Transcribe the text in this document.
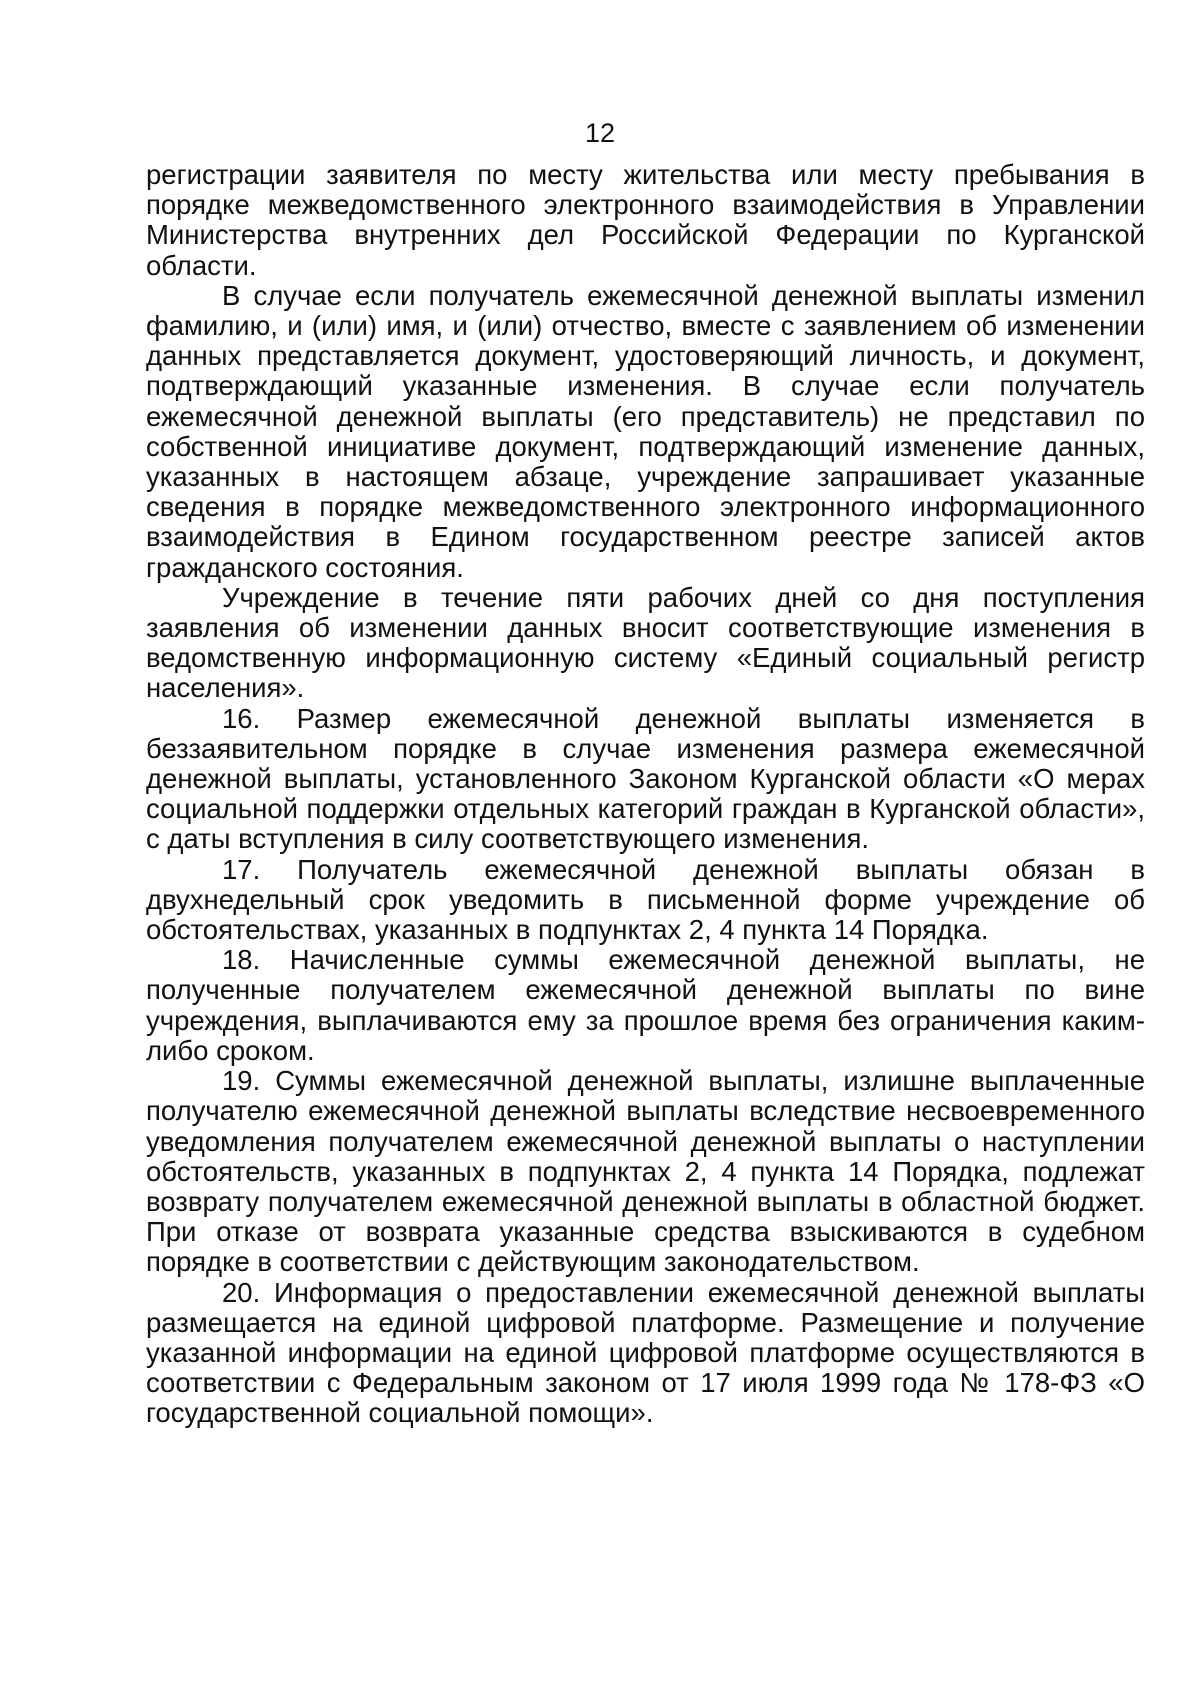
12

регистрации заявителя по месту жительства или месту пребывания в порядке межведомственного электронного взаимодействия в Управлении Министерства внутренних дел Российской Федерации по Курганской области.

В случае если получатель ежемесячной денежной выплаты изменил фамилию, и (или) имя, и (или) отчество, вместе с заявлением об изменении данных представляется документ, удостоверяющий личность, и документ, подтверждающий указанные изменения. В случае если получатель ежемесячной денежной выплаты (его представитель) не представил по собственной инициативе документ, подтверждающий изменение данных, указанных в настоящем абзаце, учреждение запрашивает указанные сведения в порядке межведомственного электронного информационного взаимодействия в Едином государственном реестре записей актов гражданского состояния.

Учреждение в течение пяти рабочих дней со дня поступления заявления об изменении данных вносит соответствующие изменения в ведомственную информационную систему «Единый социальный регистр населения».

16. Размер ежемесячной денежной выплаты изменяется в беззаявительном порядке в случае изменения размера ежемесячной денежной выплаты, установленного Законом Курганской области «О мерах социальной поддержки отдельных категорий граждан в Курганской области», с даты вступления в силу соответствующего изменения.

17. Получатель ежемесячной денежной выплаты обязан в двухнедельный срок уведомить в письменной форме учреждение об обстоятельствах, указанных в подпунктах 2, 4 пункта 14 Порядка.

18. Начисленные суммы ежемесячной денежной выплаты, не полученные получателем ежемесячной денежной выплаты по вине учреждения, выплачиваются ему за прошлое время без ограничения каким-либо сроком.

19. Суммы ежемесячной денежной выплаты, излишне выплаченные получателю ежемесячной денежной выплаты вследствие несвоевременного уведомления получателем ежемесячной денежной выплаты о наступлении обстоятельств, указанных в подпунктах 2, 4 пункта 14 Порядка, подлежат возврату получателем ежемесячной денежной выплаты в областной бюджет. При отказе от возврата указанные средства взыскиваются в судебном порядке в соответствии с действующим законодательством.

20. Информация о предоставлении ежемесячной денежной выплаты размещается на единой цифровой платформе. Размещение и получение указанной информации на единой цифровой платформе осуществляются в соответствии с Федеральным законом от 17 июля 1999 года № 178-ФЗ «О государственной социальной помощи».
